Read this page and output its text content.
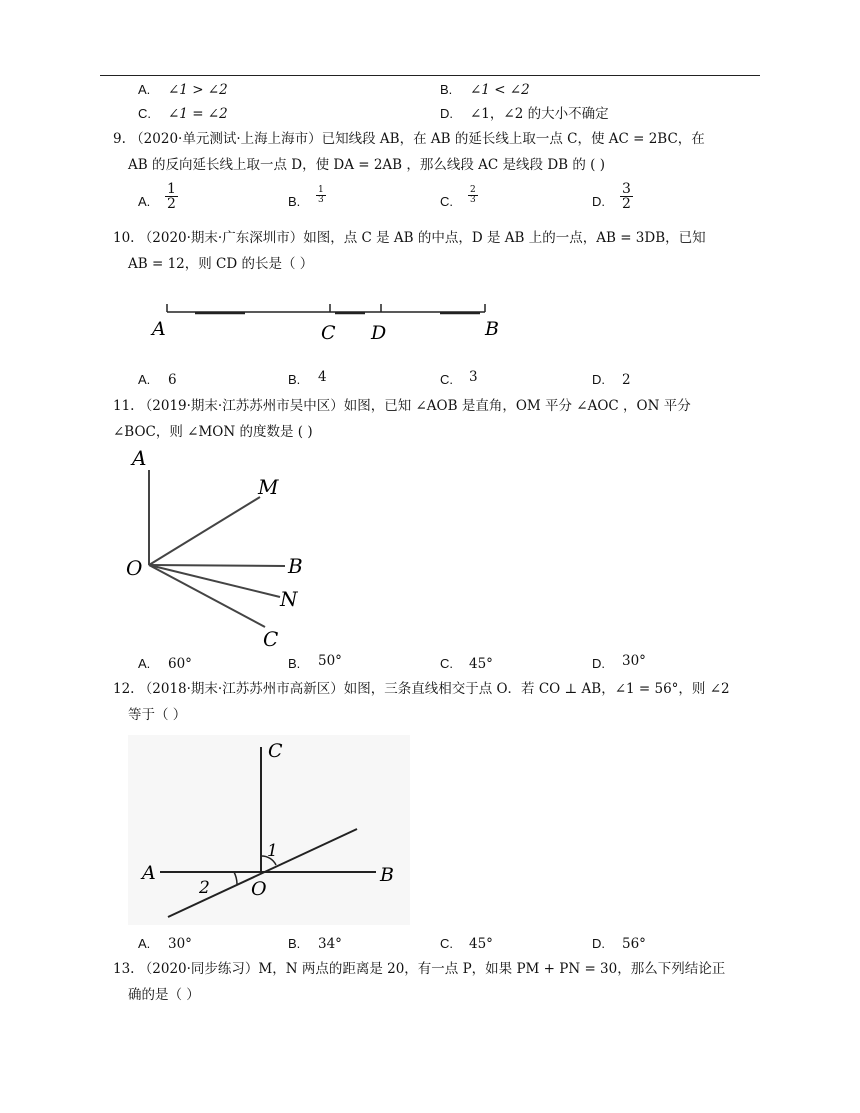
A. ∠1 > ∠2	B. ∠1 < ∠2
C. ∠1 = ∠2	D. ∠1，∠2 的大小不确定
9. （2020·单元测试·上海上海市）已知线段 AB，在 AB 的延长线上取一点 C，使 AC = 2BC，在
AB 的反向延长线上取一点 D，使 DA = 2AB ，那么线段 AC 是线段 DB 的 ( )
A. $\frac{1}{2}$	B. $\frac{1}{3}$	C. $\frac{2}{3}$	D. $\frac{3}{2}$
10. （2020·期末·广东深圳市）如图，点 C 是 AB 的中点，D 是 AB 上的一点，AB = 3DB，已知
AB = 12，则 CD 的长是（ ）
A	C D	B
A. 6	B. 4	C. 3	D. 2
11. （2019·期末·江苏苏州市吴中区）如图，已知 ∠AOB 是直角，OM 平分 ∠AOC ，ON 平分
∠BOC，则 ∠MON 的度数是 ( )
A
M
O	B
N
C
A. 60°	B. 50°	C. 45°	D. 30°
12. （2018·期末·江苏苏州市高新区）如图，三条直线相交于点 O．若 CO ⊥ AB，∠1 = 56°，则 ∠2
等于（ ）
C
1
A
2 O
B
A. 30°	B. 34°	C. 45°	D. 56°
13. （2020·同步练习）M，N 两点的距离是 20，有一点 P，如果 PM + PN = 30，那么下列结论正
确的是（ ）
